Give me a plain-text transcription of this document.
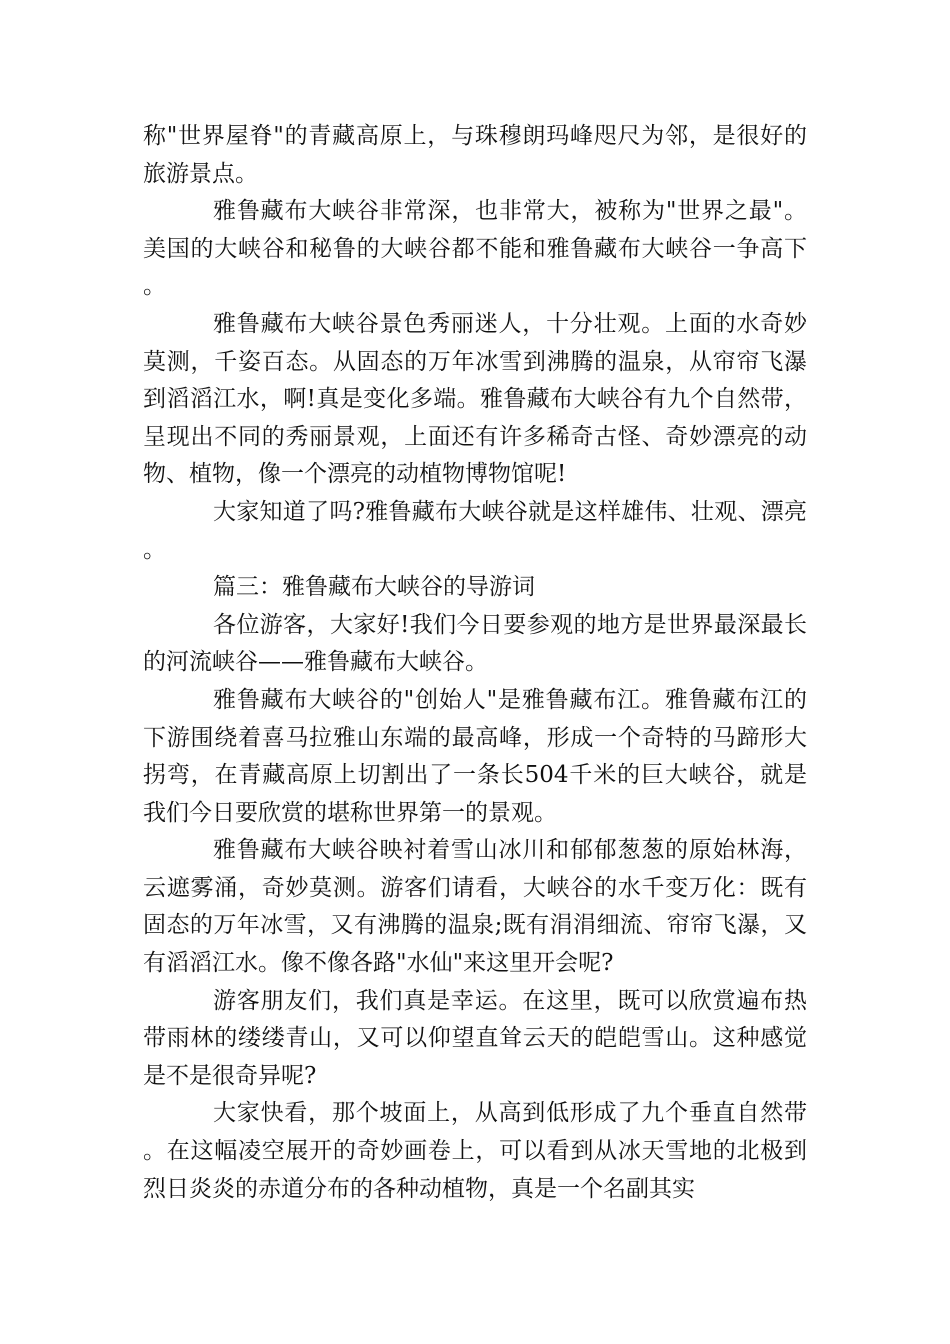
称"世界屋脊"的青藏高原上，与珠穆朗玛峰咫尺为邻，是很好的旅游景点。

雅鲁藏布大峡谷非常深，也非常大，被称为"世界之最"。美国的大峡谷和秘鲁的大峡谷都不能和雅鲁藏布大峡谷一争高下。

雅鲁藏布大峡谷景色秀丽迷人，十分壮观。上面的水奇妙莫测，千姿百态。从固态的万年冰雪到沸腾的温泉，从帘帘飞瀑到滔滔江水，啊!真是变化多端。雅鲁藏布大峡谷有九个自然带，呈现出不同的秀丽景观，上面还有许多稀奇古怪、奇妙漂亮的动物、植物，像一个漂亮的动植物博物馆呢!

大家知道了吗?雅鲁藏布大峡谷就是这样雄伟、壮观、漂亮。

篇三：雅鲁藏布大峡谷的导游词

各位游客，大家好!我们今日要参观的地方是世界最深最长的河流峡谷——雅鲁藏布大峡谷。

雅鲁藏布大峡谷的"创始人"是雅鲁藏布江。雅鲁藏布江的下游围绕着喜马拉雅山东端的最高峰，形成一个奇特的马蹄形大拐弯，在青藏高原上切割出了一条长504千米的巨大峡谷，就是我们今日要欣赏的堪称世界第一的景观。

雅鲁藏布大峡谷映衬着雪山冰川和郁郁葱葱的原始林海，云遮雾涌，奇妙莫测。游客们请看，大峡谷的水千变万化：既有固态的万年冰雪，又有沸腾的温泉;既有涓涓细流、帘帘飞瀑，又有滔滔江水。像不像各路"水仙"来这里开会呢?

游客朋友们，我们真是幸运。在这里，既可以欣赏遍布热带雨林的缕缕青山，又可以仰望直耸云天的皑皑雪山。这种感觉是不是很奇异呢?

大家快看，那个坡面上，从高到低形成了九个垂直自然带。在这幅凌空展开的奇妙画卷上，可以看到从冰天雪地的北极到烈日炎炎的赤道分布的各种动植物，真是一个名副其实
